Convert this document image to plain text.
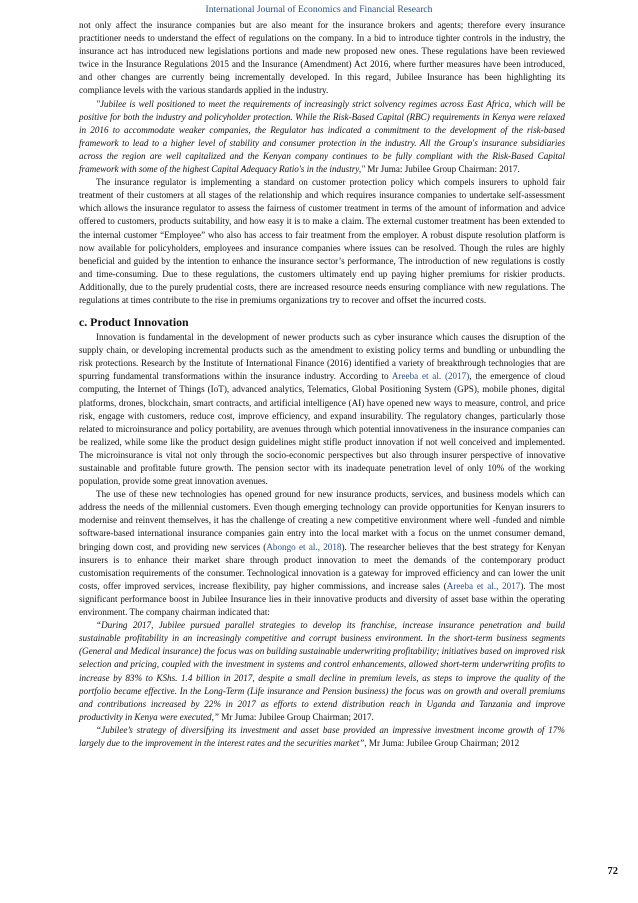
International Journal of Economics and Financial Research

not only affect the insurance companies but are also meant for the insurance brokers and agents; therefore every insurance practitioner needs to understand the effect of regulations on the company. In a bid to introduce tighter controls in the industry, the insurance act has introduced new legislations portions and made new proposed new ones. These regulations have been reviewed twice in the Insurance Regulations 2015 and the Insurance (Amendment) Act 2016, where further measures have been introduced, and other changes are currently being incrementally developed. In this regard, Jubilee Insurance has been highlighting its compliance levels with the various standards applied in the industry.

"Jubilee is well positioned to meet the requirements of increasingly strict solvency regimes across East Africa, which will be positive for both the industry and policyholder protection. While the Risk-Based Capital (RBC) requirements in Kenya were relaxed in 2016 to accommodate weaker companies, the Regulator has indicated a commitment to the development of the risk-based framework to lead to a higher level of stability and consumer protection in the industry. All the Group's insurance subsidiaries across the region are well capitalized and the Kenyan company continues to be fully compliant with the Risk-Based Capital framework with some of the highest Capital Adequacy Ratio's in the industry," Mr Juma: Jubilee Group Chairman: 2017.

The insurance regulator is implementing a standard on customer protection policy which compels insurers to uphold fair treatment of their customers at all stages of the relationship and which requires insurance companies to undertake self-assessment which allows the insurance regulator to assess the fairness of customer treatment in terms of the amount of information and advice offered to customers, products suitability, and how easy it is to make a claim. The external customer treatment has been extended to the internal customer “Employee” who also has access to fair treatment from the employer. A robust dispute resolution platform is now available for policyholders, employees and insurance companies where issues can be resolved. Though the rules are highly beneficial and guided by the intention to enhance the insurance sector’s performance, The introduction of new regulations is costly and time-consuming. Due to these regulations, the customers ultimately end up paying higher premiums for riskier products. Additionally, due to the purely prudential costs, there are increased resource needs ensuring compliance with new regulations. The regulations at times contribute to the rise in premiums organizations try to recover and offset the incurred costs.

c. Product Innovation

Innovation is fundamental in the development of newer products such as cyber insurance which causes the disruption of the supply chain, or developing incremental products such as the amendment to existing policy terms and bundling or unbundling the risk protections. Research by the Institute of International Finance (2016) identified a variety of breakthrough technologies that are spurring fundamental transformations within the insurance industry. According to Areeba et al. (2017), the emergence of cloud computing, the Internet of Things (IoT), advanced analytics, Telematics, Global Positioning System (GPS), mobile phones, digital platforms, drones, blockchain, smart contracts, and artificial intelligence (AI) have opened new ways to measure, control, and price risk, engage with customers, reduce cost, improve efficiency, and expand insurability. The regulatory changes, particularly those related to microinsurance and policy portability, are avenues through which potential innovativeness in the insurance companies can be realized, while some like the product design guidelines might stifle product innovation if not well conceived and implemented. The microinsurance is vital not only through the socio-economic perspectives but also through insurer perspective of innovative sustainable and profitable future growth. The pension sector with its inadequate penetration level of only 10% of the working population, provide some great innovation avenues.

The use of these new technologies has opened ground for new insurance products, services, and business models which can address the needs of the millennial customers. Even though emerging technology can provide opportunities for Kenyan insurers to modernise and reinvent themselves, it has the challenge of creating a new competitive environment where well -funded and nimble software-based international insurance companies gain entry into the local market with a focus on the unmet consumer demand, bringing down cost, and providing new services (Abongo et al., 2018). The researcher believes that the best strategy for Kenyan insurers is to enhance their market share through product innovation to meet the demands of the contemporary product customisation requirements of the consumer. Technological innovation is a gateway for improved efficiency and can lower the unit costs, offer improved services, increase flexibility, pay higher commissions, and increase sales (Areeba et al., 2017). The most significant performance boost in Jubilee Insurance lies in their innovative products and diversity of asset base within the operating environment. The company chairman indicated that:

“During 2017, Jubilee pursued parallel strategies to develop its franchise, increase insurance penetration and build sustainable profitability in an increasingly competitive and corrupt business environment. In the short-term business segments (General and Medical insurance) the focus was on building sustainable underwriting profitability; initiatives based on improved risk selection and pricing, coupled with the investment in systems and control enhancements, allowed short-term underwriting profits to increase by 83% to KShs. 1.4 billion in 2017, despite a small decline in premium levels, as steps to improve the quality of the portfolio became effective. In the Long-Term (Life insurance and Pension business) the focus was on growth and overall premiums and contributions increased by 22% in 2017 as efforts to extend distribution reach in Uganda and Tanzania and improve productivity in Kenya were executed,” Mr Juma: Jubilee Group Chairman; 2017.

“Jubilee’s strategy of diversifying its investment and asset base provided an impressive investment income growth of 17% largely due to the improvement in the interest rates and the securities market”, Mr Juma: Jubilee Group Chairman; 2012

72
